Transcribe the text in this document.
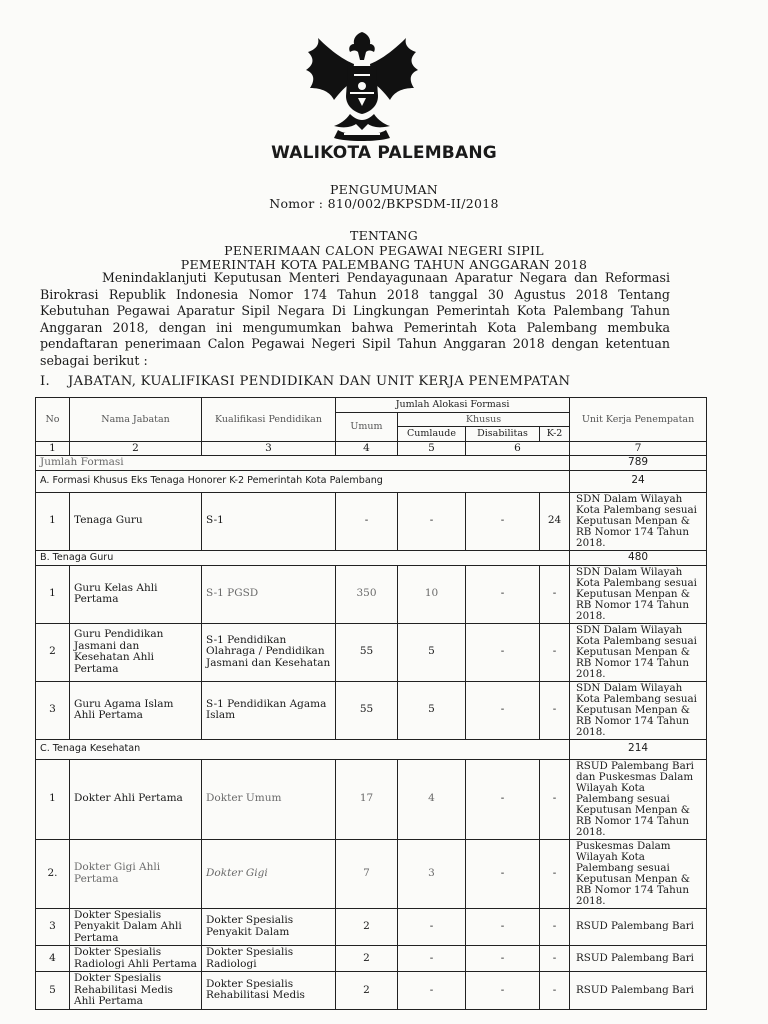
WALIKOTA PALEMBANG
PENGUMUMAN
Nomor : 810/002/BKPSDM-II/2018
TENTANG
PENERIMAAN CALON PEGAWAI NEGERI SIPIL
PEMERINTAH KOTA PALEMBANG TAHUN ANGGARAN 2018
Menindaklanjuti Keputusan Menteri Pendayagunaan Aparatur Negara dan Reformasi Birokrasi Republik Indonesia Nomor 174 Tahun 2018 tanggal 30 Agustus 2018 Tentang Kebutuhan Pegawai Aparatur Sipil Negara Di Lingkungan Pemerintah Kota Palembang Tahun Anggaran 2018, dengan ini mengumumkan bahwa Pemerintah Kota Palembang membuka pendaftaran penerimaan Calon Pegawai Negeri Sipil Tahun Anggaran 2018 dengan ketentuan sebagai berikut :
I. JABATAN, KUALIFIKASI PENDIDIKAN DAN UNIT KERJA PENEMPATAN
No	Nama Jabatan	Kualifikasi Pendidikan	Jumlah Alokasi Formasi				Unit Kerja Penempatan
			Umum	Khusus			
				Cumlaude	Disabilitas	K-2	
1	2	3	4	5	6		7
Jumlah Formasi							789
A. Formasi Khusus Eks Tenaga Honorer K-2 Pemerintah Kota Palembang							24
1	Tenaga Guru	S-1	-	-	-	24	SDN Dalam Wilayah Kota Palembang sesuai Keputusan Menpan & RB Nomor 174 Tahun 2018.
B. Tenaga Guru							480
1	Guru Kelas Ahli Pertama	S-1 PGSD	350	10	-	-	SDN Dalam Wilayah Kota Palembang sesuai Keputusan Menpan & RB Nomor 174 Tahun 2018.
2	Guru Pendidikan Jasmani dan Kesehatan Ahli Pertama	S-1 Pendidikan Olahraga / Pendidikan Jasmani dan Kesehatan	55	5	-	-	SDN Dalam Wilayah Kota Palembang sesuai Keputusan Menpan & RB Nomor 174 Tahun 2018.
3	Guru Agama Islam Ahli Pertama	S-1 Pendidikan Agama Islam	55	5	-	-	SDN Dalam Wilayah Kota Palembang sesuai Keputusan Menpan & RB Nomor 174 Tahun 2018.
C. Tenaga Kesehatan							214
1	Dokter Ahli Pertama	Dokter Umum	17	4	-	-	RSUD Palembang Bari dan Puskesmas Dalam Wilayah Kota Palembang sesuai Keputusan Menpan & RB Nomor 174 Tahun 2018.
2.	Dokter Gigi Ahli Pertama	Dokter Gigi	7	3	-	-	Puskesmas Dalam Wilayah Kota Palembang sesuai Keputusan Menpan & RB Nomor 174 Tahun 2018.
3	Dokter Spesialis Penyakit Dalam Ahli Pertama	Dokter Spesialis Penyakit Dalam	2	-	-	-	RSUD Palembang Bari
4	Dokter Spesialis Radiologi Ahli Pertama	Dokter Spesialis Radiologi	2	-	-	-	RSUD Palembang Bari
5	Dokter Spesialis Rehabilitasi Medis Ahli Pertama	Dokter Spesialis Rehabilitasi Medis	2	-	-	-	RSUD Palembang Bari
